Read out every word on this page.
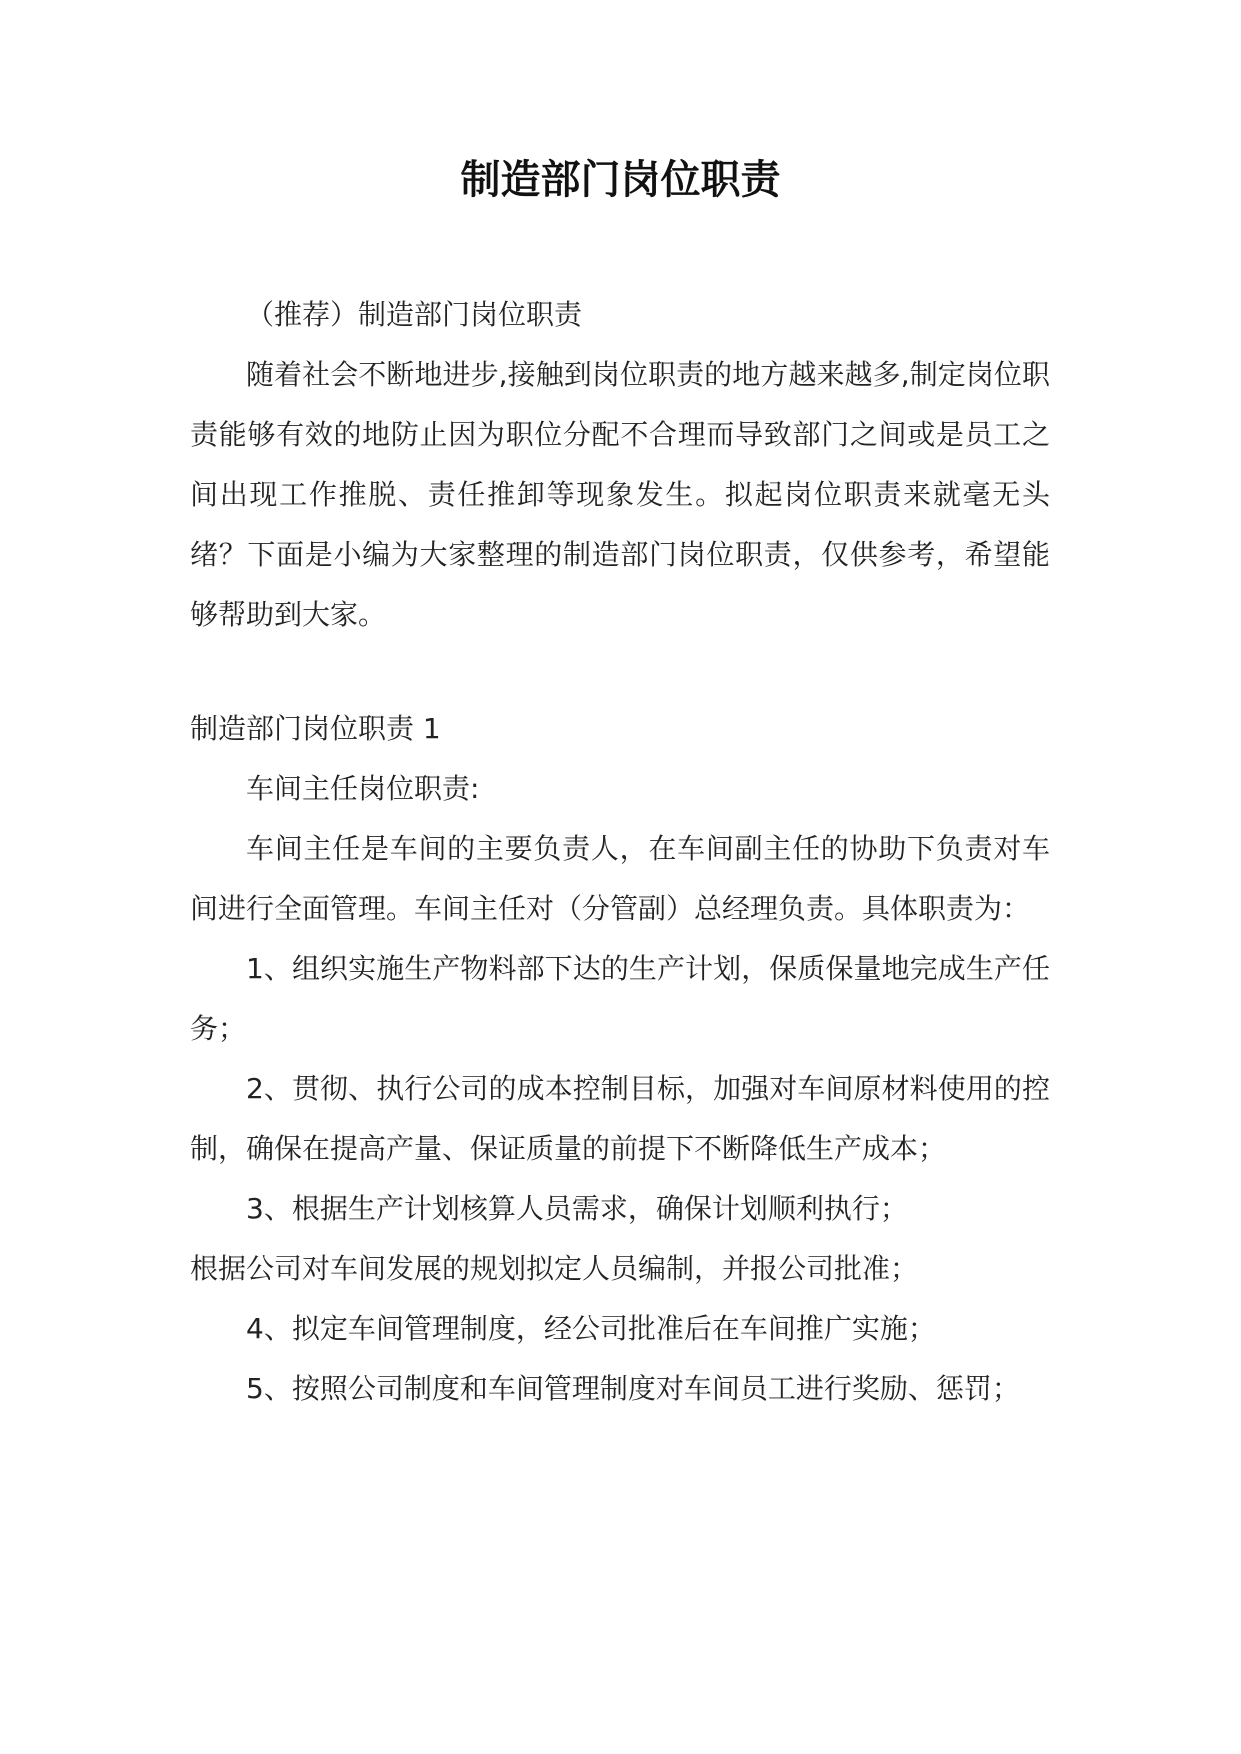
制造部门岗位职责

（推荐）制造部门岗位职责

随着社会不断地进步,接触到岗位职责的地方越来越多,制定岗位职责能够有效的地防止因为职位分配不合理而导致部门之间或是员工之间出现工作推脱、责任推卸等现象发生。拟起岗位职责来就毫无头绪？下面是小编为大家整理的制造部门岗位职责，仅供参考，希望能够帮助到大家。

制造部门岗位职责 1

车间主任岗位职责:

车间主任是车间的主要负责人，在车间副主任的协助下负责对车间进行全面管理。车间主任对（分管副）总经理负责。具体职责为：

1、组织实施生产物料部下达的生产计划，保质保量地完成生产任务；

2、贯彻、执行公司的成本控制目标，加强对车间原材料使用的控制，确保在提高产量、保证质量的前提下不断降低生产成本；

3、根据生产计划核算人员需求，确保计划顺利执行；

根据公司对车间发展的规划拟定人员编制，并报公司批准；

4、拟定车间管理制度，经公司批准后在车间推广实施；

5、按照公司制度和车间管理制度对车间员工进行奖励、惩罚；
